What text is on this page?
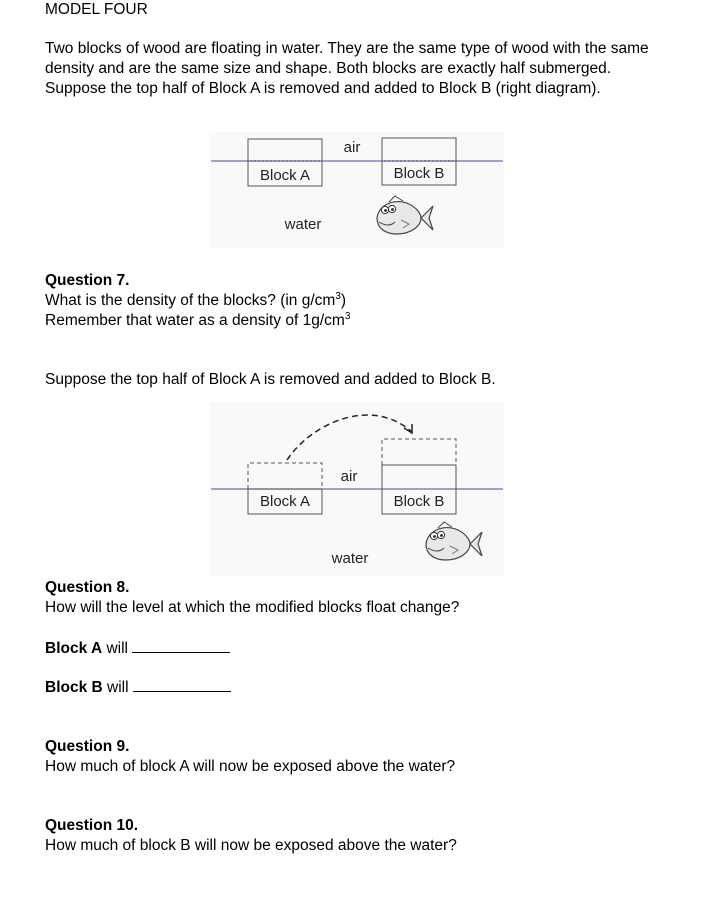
MODEL FOUR
Two blocks of wood are floating in water. They are the same type of wood with the same density and are the same size and shape. Both blocks are exactly half submerged. Suppose the top half of Block A is removed and added to Block B (right diagram).
Block A	Block B
air
water
Question 7.
What is the density of the blocks? (in $g/cm^3$)
Remember that water as a density of $1g/cm^3$
Suppose the top half of Block A is removed and added to Block B.
Block A	Block B
air
water
Question 8.
How will the level at which the modified blocks float change?
Block A will
Block B will
Question 9.
How much of block A will now be exposed above the water?
Question 10.
How much of block B will now be exposed above the water?
